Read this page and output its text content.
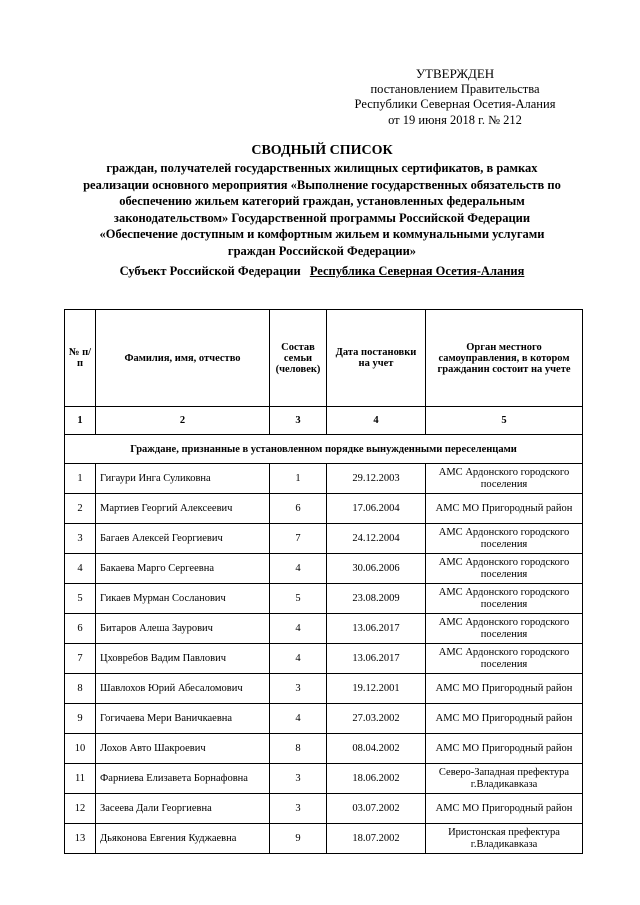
УТВЕРЖДЕН
постановлением Правительства
Республики Северная Осетия-Алания
от 19 июня 2018 г. № 212
СВОДНЫЙ СПИСОК
граждан, получателей государственных жилищных сертификатов, в рамках
реализации основного мероприятия «Выполнение государственных обязательств по
обеспечению жильем категорий граждан, установленных федеральным
законодательством» Государственной программы Российской Федерации
«Обеспечение доступным и комфортным жильем и коммунальными услугами
граждан Российской Федерации»
Субъект Российской Федерации Республика Северная Осетия-Алания
№ п/п	Фамилия, имя, отчество	Состав семьи (человек)	Дата постановки на учет	Орган местного самоуправления, в котором гражданин состоит на учете
1	2	3	4	5
Граждане, признанные в установленном порядке вынужденными переселенцами				
1	Гигаури Инга Суликовна	1	29.12.2003	АМС Ардонского городского поселения
2	Мартиев Георгий Алексеевич	6	17.06.2004	АМС МО Пригородный район
3	Багаев Алексей Георгиевич	7	24.12.2004	АМС Ардонского городского поселения
4	Бакаева Марго Сергеевна	4	30.06.2006	АМС Ардонского городского поселения
5	Гикаев Мурман Сосланович	5	23.08.2009	АМС Ардонского городского поселения
6	Битаров Алеша Заурович	4	13.06.2017	АМС Ардонского городского поселения
7	Цховребов Вадим Павлович	4	13.06.2017	АМС Ардонского городского поселения
8	Шавлохов Юрий Абесаломович	3	19.12.2001	АМС МО Пригородный район
9	Гогичаева Мери Ваничкаевна	4	27.03.2002	АМС МО Пригородный район
10	Лохов Авто Шакроевич	8	08.04.2002	АМС МО Пригородный район
11	Фарниева Елизавета Борнафовна	3	18.06.2002	Северо-Западная префектура г.Владикавказа
12	Засеева Дали Георгиевна	3	03.07.2002	АМС МО Пригородный район
13	Дьяконова Евгения Куджаевна	9	18.07.2002	Иристонская префектура г.Владикавказа
